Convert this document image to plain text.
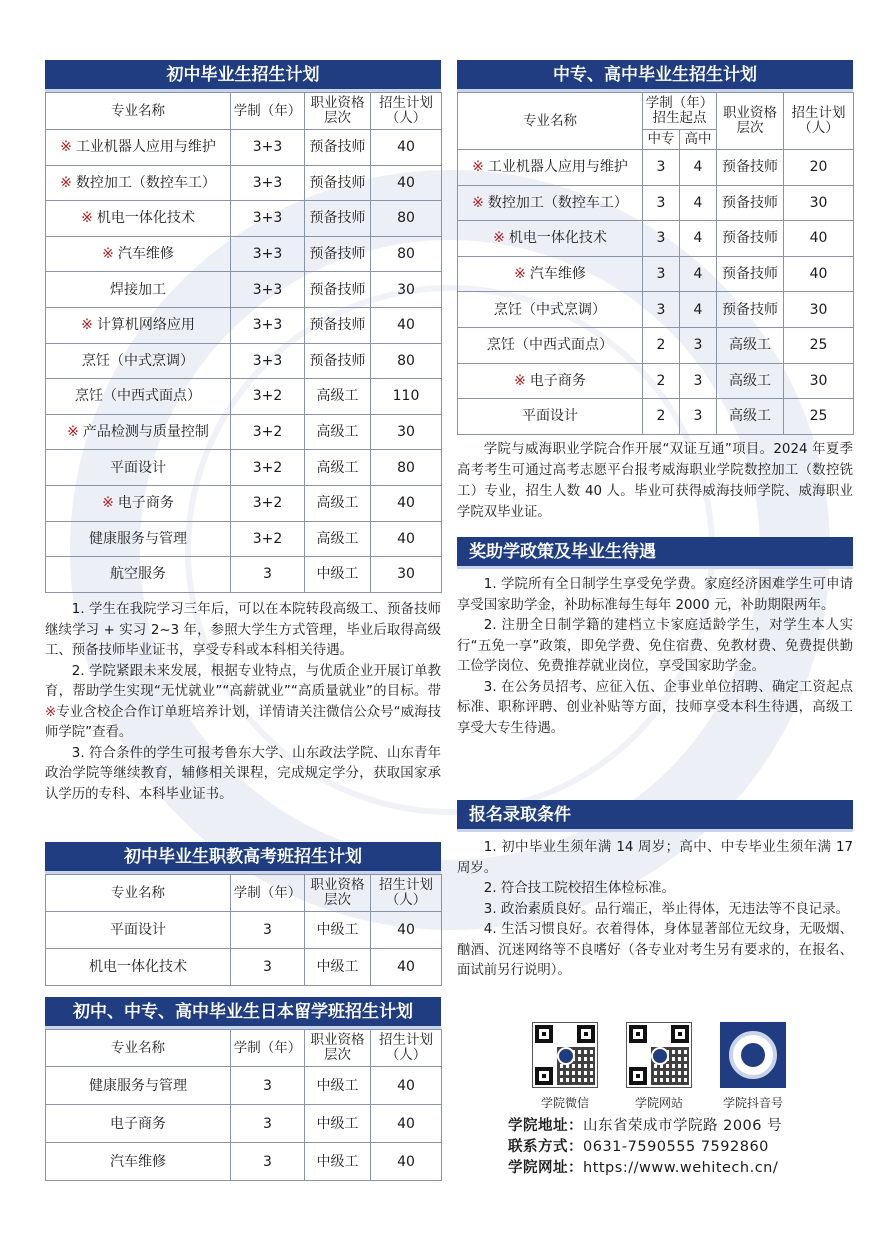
初中毕业生招生计划
专业名称	学制（年）	职业资格层次	招生计划（人）
※ 工业机器人应用与维护	3+3	预备技师	40
※ 数控加工（数控车工）	3+3	预备技师	40
※ 机电一体化技术	3+3	预备技师	80
※ 汽车维修	3+3	预备技师	80
焊接加工	3+3	预备技师	30
※ 计算机网络应用	3+3	预备技师	40
烹饪（中式烹调）	3+3	预备技师	80
烹饪（中西式面点）	3+2	高级工	110
※ 产品检测与质量控制	3+2	高级工	30
平面设计	3+2	高级工	80
※ 电子商务	3+2	高级工	40
健康服务与管理	3+2	高级工	40
航空服务	3	中级工	30

1. 学生在我院学习三年后，可以在本院转段高级工、预备技师继续学习 + 实习 2~3 年，参照大学生方式管理，毕业后取得高级工、预备技师毕业证书，享受专科或本科相关待遇。

2. 学院紧跟未来发展，根据专业特点，与优质企业开展订单教育，帮助学生实现“无忧就业”“高薪就业”“高质量就业”的目标。带※专业含校企合作订单班培养计划，详情请关注微信公众号“威海技师学院”查看。

3. 符合条件的学生可报考鲁东大学、山东政法学院、山东青年政治学院等继续教育，辅修相关课程，完成规定学分，获取国家承认学历的专科、本科毕业证书。

初中毕业生职教高考班招生计划
专业名称	学制（年）	职业资格层次	招生计划（人）
平面设计	3	中级工	40
机电一体化技术	3	中级工	40
初中、中专、高中毕业生日本留学班招生计划
专业名称	学制（年）	职业资格层次	招生计划（人）
健康服务与管理	3	中级工	40
电子商务	3	中级工	40
汽车维修	3	中级工	40
中专、高中毕业生招生计划
专业名称	学制（年）招生起点		职业资格层次	招生计划（人）
	中专	高中		
※ 工业机器人应用与维护	3	4	预备技师	20
※ 数控加工（数控车工）	3	4	预备技师	30
※ 机电一体化技术	3	4	预备技师	40
※ 汽车维修	3	4	预备技师	40
烹饪（中式烹调）	3	4	预备技师	30
烹饪（中西式面点）	2	3	高级工	25
※ 电子商务	2	3	高级工	30
平面设计	2	3	高级工	25

学院与威海职业学院合作开展“双证互通”项目。2024 年夏季高考考生可通过高考志愿平台报考威海职业学院数控加工（数控铣工）专业，招生人数 40 人。毕业可获得威海技师学院、威海职业学院双毕业证。

奖助学政策及毕业生待遇

1. 学院所有全日制学生享受免学费。家庭经济困难学生可申请享受国家助学金，补助标准每生每年 2000 元，补助期限两年。

2. 注册全日制学籍的建档立卡家庭适龄学生，对学生本人实行“五免一享”政策，即免学费、免住宿费、免教材费、免费提供勤工俭学岗位、免费推荐就业岗位，享受国家助学金。

3. 在公务员招考、应征入伍、企事业单位招聘、确定工资起点标准、职称评聘、创业补贴等方面，技师享受本科生待遇，高级工享受大专生待遇。

报名录取条件

1. 初中毕业生须年满 14 周岁；高中、中专毕业生须年满 17 周岁。

2. 符合技工院校招生体检标准。

3. 政治素质良好。品行端正，举止得体，无违法等不良记录。

4. 生活习惯良好。衣着得体，身体显著部位无纹身，无吸烟、酗酒、沉迷网络等不良嗜好（各专业对考生另有要求的，在报名、面试前另行说明）。

学院微信	学院网站	学院抖音号
学院地址：山东省荣成市学院路 2006 号
联系方式：0631-7590555 7592860
学院网址：https://www.wehitech.cn/
